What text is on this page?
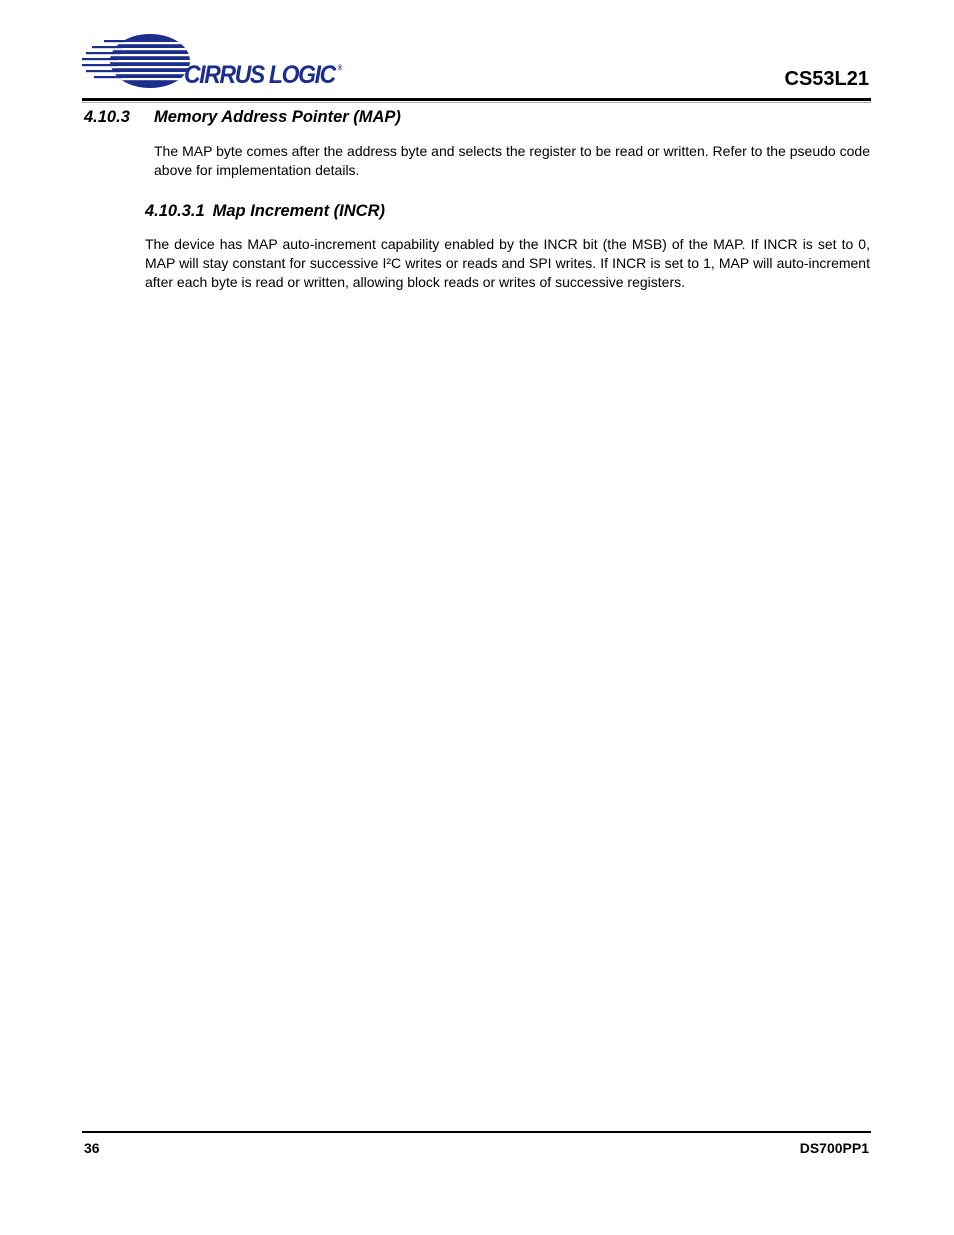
CIRRUS LOGIC ®	CS53L21
4.10.3 Memory Address Pointer (MAP)
The MAP byte comes after the address byte and selects the register to be read or written. Refer to the pseudo code above for implementation details.
4.10.3.1 Map Increment (INCR)
The device has MAP auto-increment capability enabled by the INCR bit (the MSB) of the MAP. If INCR is set to 0, MAP will stay constant for successive I²C writes or reads and SPI writes. If INCR is set to 1, MAP will auto-increment after each byte is read or written, allowing block reads or writes of successive registers.
36	DS700PP1
